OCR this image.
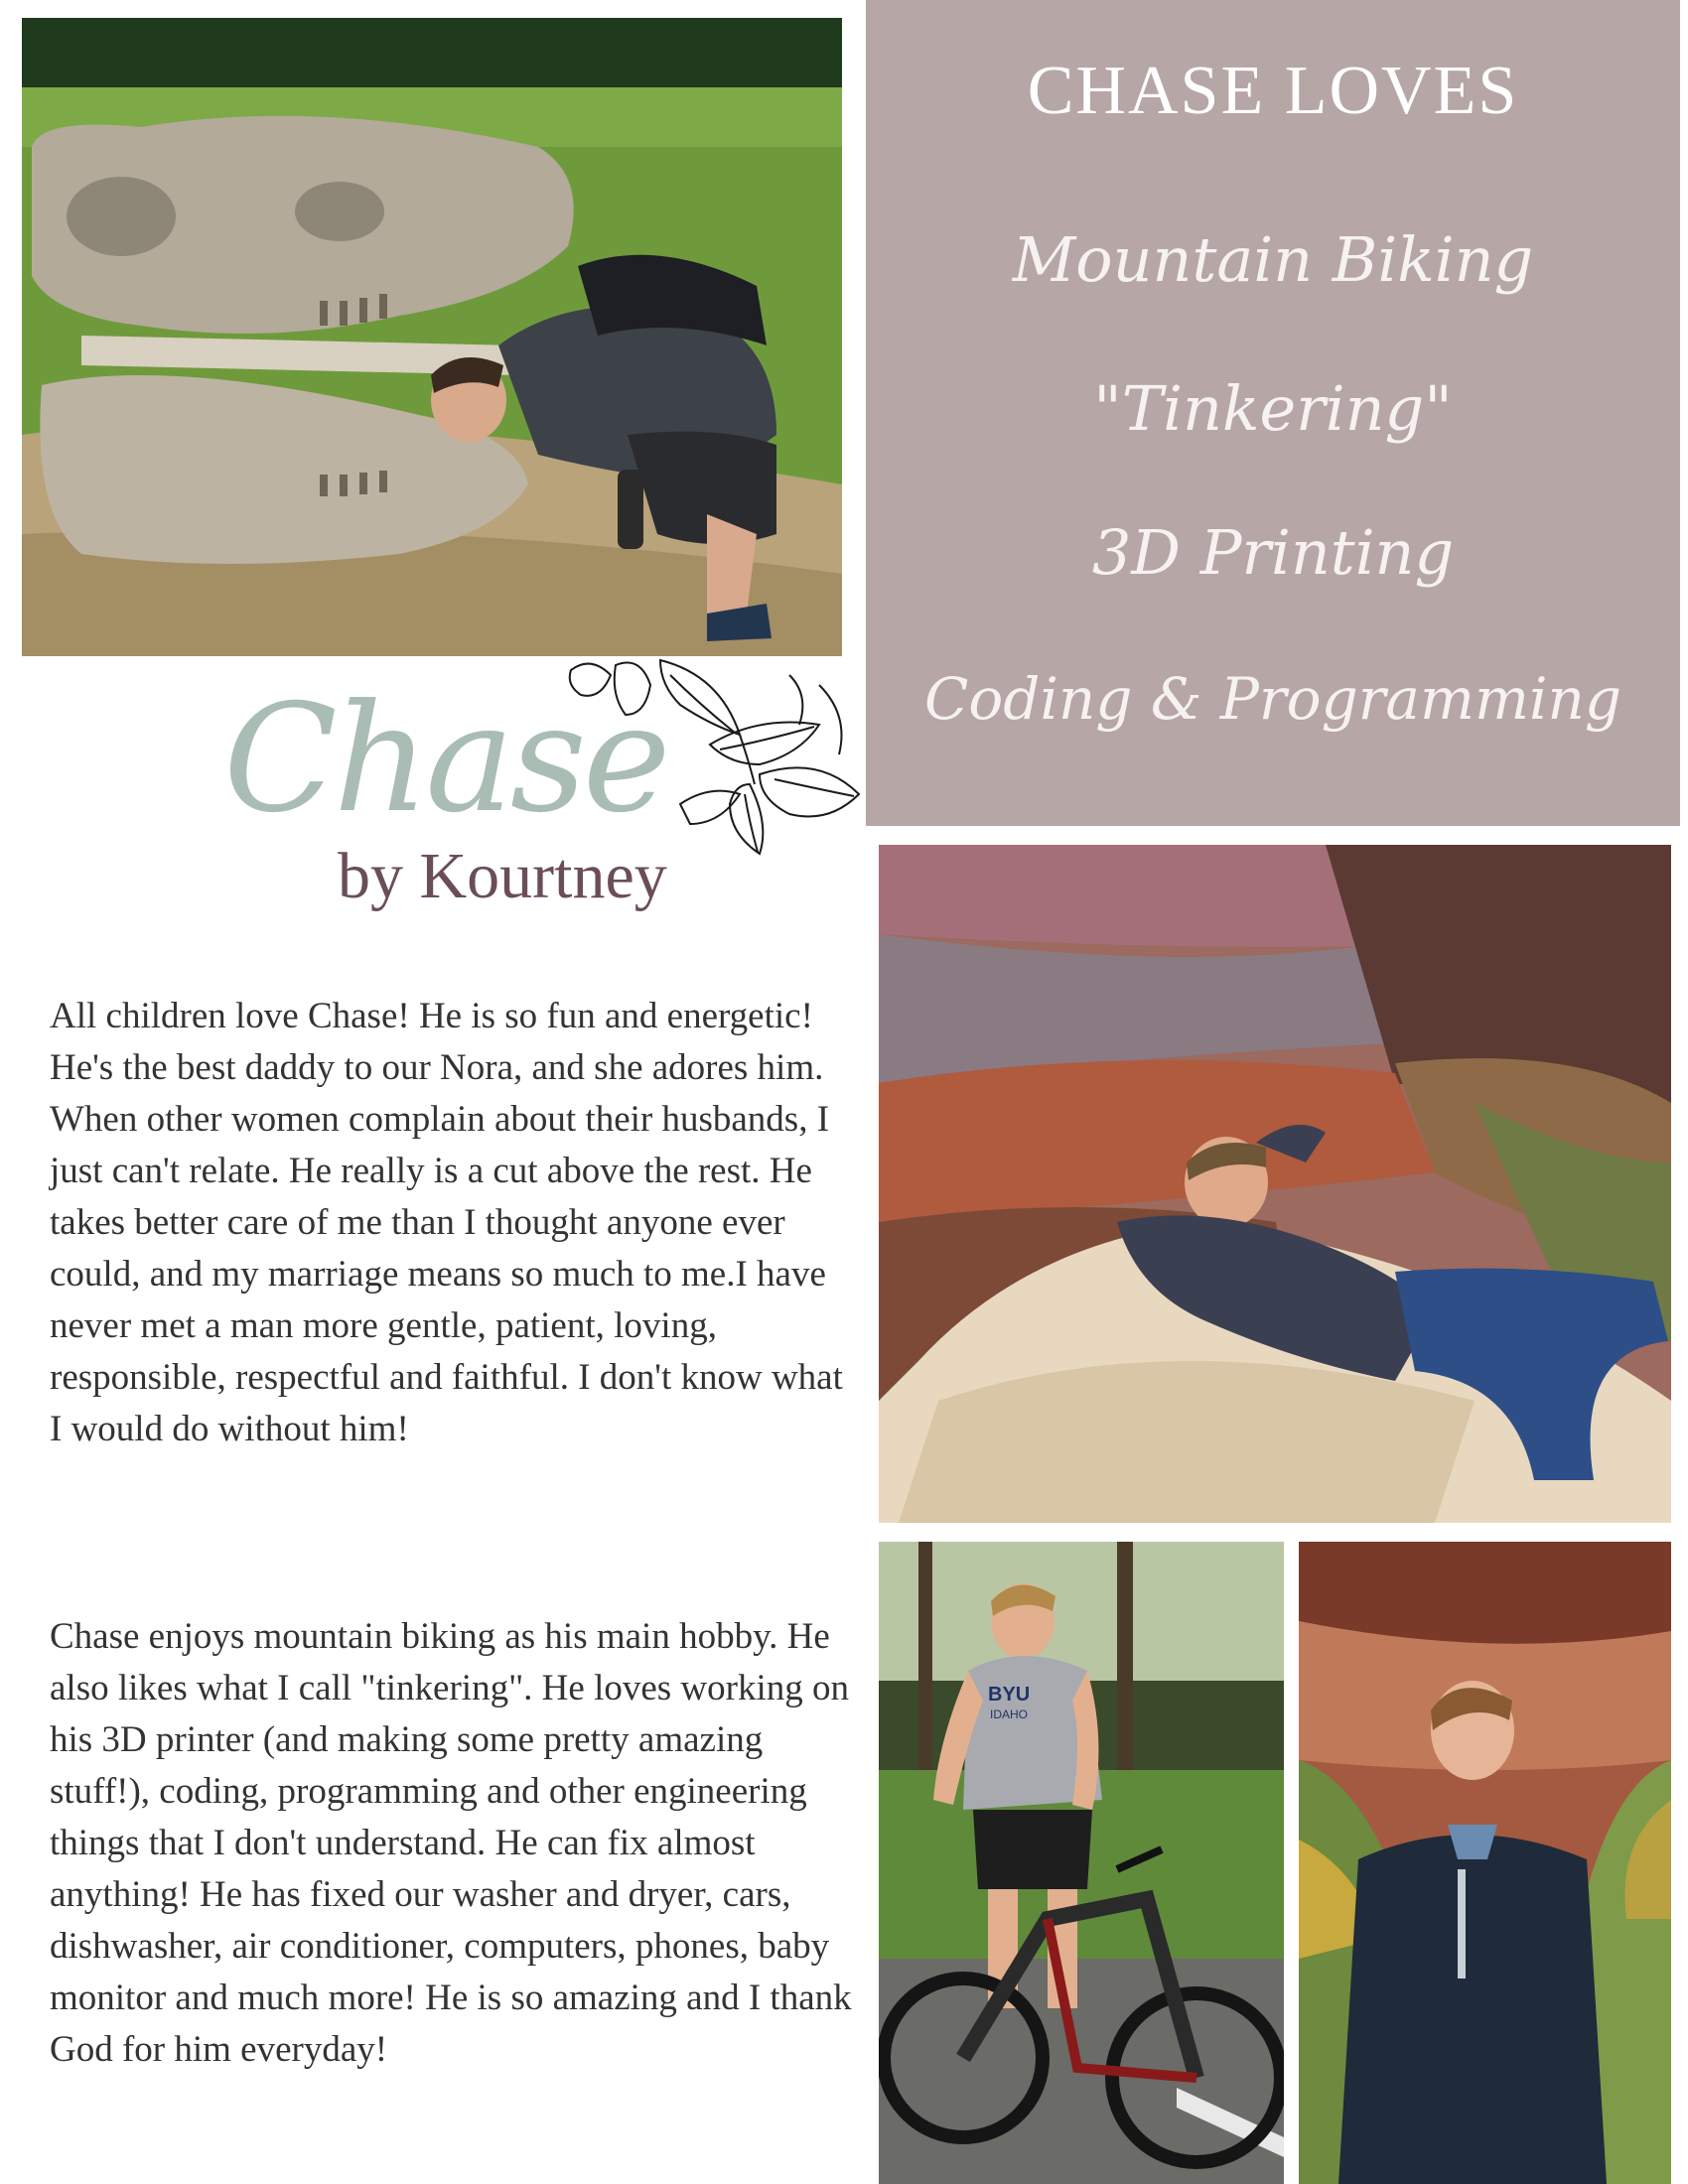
CHASE LOVES
Mountain Biking
"Tinkering"
3D Printing
Coding & Programming
Chase
by Kourtney
All children love Chase! He is so fun and energetic! He's the best daddy to our Nora, and she adores him. When other women complain about their husbands, I just can't relate. He really is a cut above the rest. He takes better care of me than I thought anyone ever could, and my marriage means so much to me.I have never met a man more gentle, patient, loving, responsible, respectful and faithful. I don't know what I would do without him!
Chase enjoys mountain biking as his main hobby. He also likes what I call "tinkering". He loves working on his 3D printer (and making some pretty amazing stuff!), coding, programming and other engineering things that I don't understand. He can fix almost anything! He has fixed our washer and dryer, cars, dishwasher, air conditioner, computers, phones, baby monitor and much more! He is so amazing and I thank God for him everyday!
BYU
IDAHO
